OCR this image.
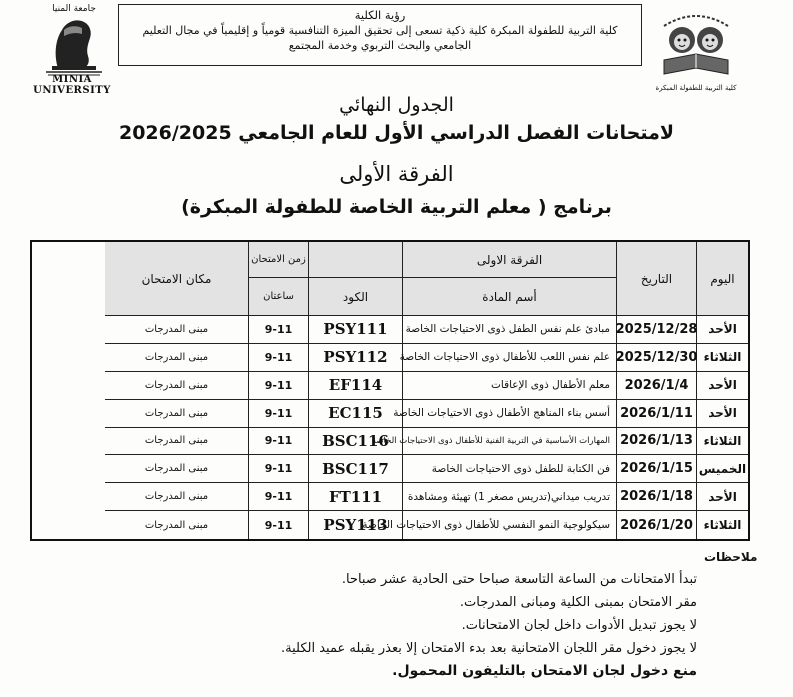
جامعة المنيا
MINIA UNIVERSITY
رؤية الكلية
كلية التربية للطفولة المبكرة كلية ذكية تسعى إلى تحقيق الميزة التنافسية قومياً و إقليمياً في مجال التعليم الجامعي والبحث التربوي وخدمة المجتمع
كلية التربية للطفولة المبكرة
الجدول النهائي
لامتحانات الفصل الدراسي الأول للعام الجامعي 2026/2025
الفرقة الأولى
برنامج ( معلم التربية الخاصة للطفولة المبكرة)
اليوم
التاريخ
الفرقة الاولى
زمن الامتحان
مكان الامتحان
أسم المادة
الكود
ساعتان
الأحد
2025/12/28
مبادئ علم نفس الطفل ذوى الاحتياجات الخاصة
PSY111
9-11
مبنى المدرجات
الثلاثاء
2025/12/30
علم نفس اللعب للأطفال ذوى الاحتياجات الخاصة
PSY112
9-11
مبنى المدرجات
الأحد
2026/1/4
معلم الأطفال ذوى الإعاقات
EF114
9-11
مبنى المدرجات
الأحد
2026/1/11
أسس بناء المناهج الأطفال ذوى الاحتياجات الخاصة
EC115
9-11
مبنى المدرجات
الثلاثاء
2026/1/13
المهارات الأساسية في التربية الفنية للأطفال ذوى الاحتياجات الخاصة
BSC116
9-11
مبنى المدرجات
الخميس
2026/1/15
فن الكتابة للطفل ذوى الاحتياجات الخاصة
BSC117
9-11
مبنى المدرجات
الأحد
2026/1/18
تدريب ميداني(تدريس مصغر 1) تهيئة ومشاهدة
FT111
9-11
مبنى المدرجات
الثلاثاء
2026/1/20
سيكولوجية النمو النفسي للأطفال ذوى الاحتياجات الخاصة
PSY113
9-11
مبنى المدرجات
ملاحظات
تبدأ الامتحانات من الساعة التاسعة صباحا حتى الحادية عشر صباحا.
مقر الامتحان بمبنى الكلية ومبانى المدرجات.
لا يجوز تبديل الأدوات داخل لجان الامتحانات.
لا يجوز دخول مقر اللجان الامتحانية بعد بدء الامتحان إلا بعذر يقبله عميد الكلية.
منع دخول لجان الامتحان بالتليفون المحمول.
